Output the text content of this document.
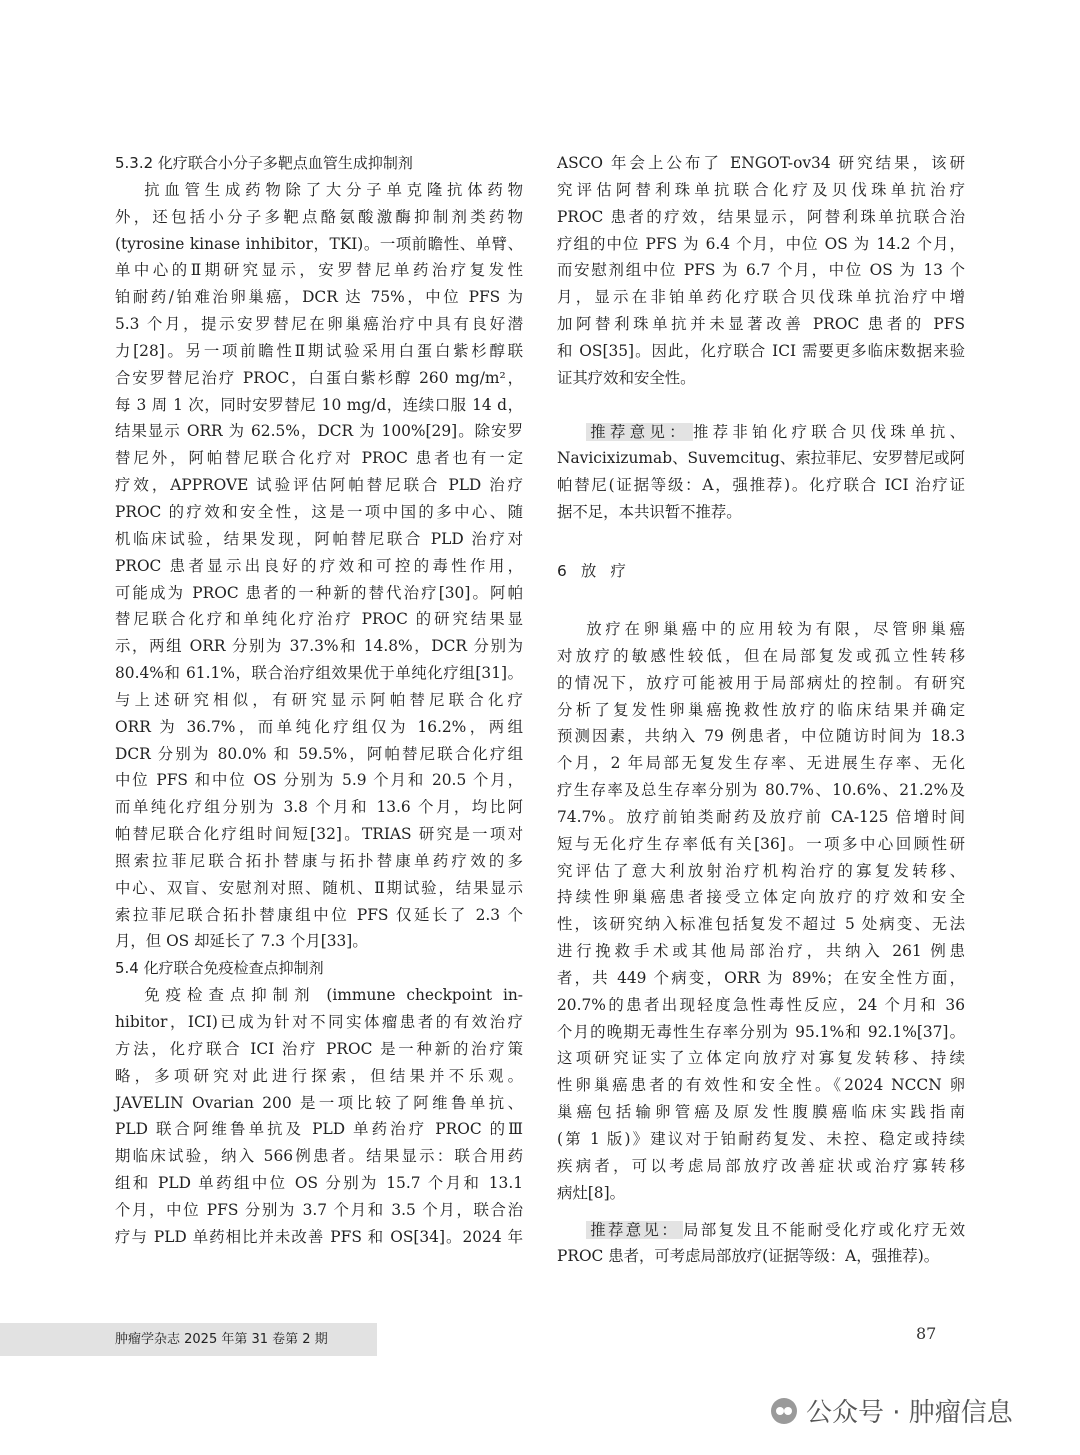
5.3.2 化疗联合小分子多靶点血管生成抑制剂
抗血管生成药物除了大分子单克隆抗体药物
外，还包括小分子多靶点酪氨酸激酶抑制剂类药物
(tyrosine kinase inhibitor，TKI)。一项前瞻性、单臂、
单中心的Ⅱ期研究显示，安罗替尼单药治疗复发性
铂耐药/铂难治卵巢癌，DCR 达 75%，中位 PFS 为
5.3 个月，提示安罗替尼在卵巢癌治疗中具有良好潜
力[28]。另一项前瞻性Ⅱ期试验采用白蛋白紫杉醇联
合安罗替尼治疗 PROC，白蛋白紫杉醇 260 mg/m²，
每 3 周 1 次，同时安罗替尼 10 mg/d，连续口服 14 d，
结果显示 ORR 为 62.5%，DCR 为 100%[29]。除安罗
替尼外，阿帕替尼联合化疗对 PROC 患者也有一定
疗效，APPROVE 试验评估阿帕替尼联合 PLD 治疗
PROC 的疗效和安全性，这是一项中国的多中心、随
机临床试验，结果发现，阿帕替尼联合 PLD 治疗对
PROC 患者显示出良好的疗效和可控的毒性作用，
可能成为 PROC 患者的一种新的替代治疗[30]。阿帕
替尼联合化疗和单纯化疗治疗 PROC 的研究结果显
示，两组 ORR 分别为 37.3%和 14.8%，DCR 分别为
80.4%和 61.1%，联合治疗组效果优于单纯化疗组[31]。
与上述研究相似，有研究显示阿帕替尼联合化疗
ORR 为 36.7%，而单纯化疗组仅为 16.2%，两组
DCR 分别为 80.0% 和 59.5%，阿帕替尼联合化疗组
中位 PFS 和中位 OS 分别为 5.9 个月和 20.5 个月，
而单纯化疗组分别为 3.8 个月和 13.6 个月，均比阿
帕替尼联合化疗组时间短[32]。TRIAS 研究是一项对
照索拉菲尼联合拓扑替康与拓扑替康单药疗效的多
中心、双盲、安慰剂对照、随机、Ⅱ期试验，结果显示
索拉菲尼联合拓扑替康组中位 PFS 仅延长了 2.3 个
月，但 OS 却延长了 7.3 个月[33]。
5.4 化疗联合免疫检查点抑制剂
免疫检查点抑制剂 (immune checkpoint in-
hibitor，ICI)已成为针对不同实体瘤患者的有效治疗
方法，化疗联合 ICI 治疗 PROC 是一种新的治疗策
略，多项研究对此进行探索，但结果并不乐观。
JAVELIN Ovarian 200 是一项比较了阿维鲁单抗、
PLD 联合阿维鲁单抗及 PLD 单药治疗 PROC 的Ⅲ
期临床试验，纳入 566例患者。结果显示：联合用药
组和 PLD 单药组中位 OS 分别为 15.7 个月和 13.1
个月，中位 PFS 分别为 3.7 个月和 3.5 个月，联合治
疗与 PLD 单药相比并未改善 PFS 和 OS[34]。2024 年
ASCO 年会上公布了 ENGOT-ov34 研究结果，该研
究评估阿替利珠单抗联合化疗及贝伐珠单抗治疗
PROC 患者的疗效，结果显示，阿替利珠单抗联合治
疗组的中位 PFS 为 6.4 个月，中位 OS 为 14.2 个月，
而安慰剂组中位 PFS 为 6.7 个月，中位 OS 为 13 个
月，显示在非铂单药化疗联合贝伐珠单抗治疗中增
加阿替利珠单抗并未显著改善 PROC 患者的 PFS
和 OS[35]。因此，化疗联合 ICI 需要更多临床数据来验
证其疗效和安全性。
推荐意见： 推荐非铂化疗联合贝伐珠单抗、
Navicixizumab、Suvemcitug、索拉菲尼、安罗替尼或阿
帕替尼(证据等级：A，强推荐)。化疗联合 ICI 治疗证
据不足，本共识暂不推荐。
6 放 疗
放疗在卵巢癌中的应用较为有限，尽管卵巢癌
对放疗的敏感性较低，但在局部复发或孤立性转移
的情况下，放疗可能被用于局部病灶的控制。有研究
分析了复发性卵巢癌挽救性放疗的临床结果并确定
预测因素，共纳入 79 例患者，中位随访时间为 18.3
个月，2 年局部无复发生存率、无进展生存率、无化
疗生存率及总生存率分别为 80.7%、10.6%、21.2%及
74.7%。放疗前铂类耐药及放疗前 CA-125 倍增时间
短与无化疗生存率低有关[36]。一项多中心回顾性研
究评估了意大利放射治疗机构治疗的寡复发转移、
持续性卵巢癌患者接受立体定向放疗的疗效和安全
性，该研究纳入标准包括复发不超过 5 处病变、无法
进行挽救手术或其他局部治疗，共纳入 261 例患
者，共 449 个病变，ORR 为 89%；在安全性方面，
20.7%的患者出现轻度急性毒性反应，24 个月和 36
个月的晚期无毒性生存率分别为 95.1%和 92.1%[37]。
这项研究证实了立体定向放疗对寡复发转移、持续
性卵巢癌患者的有效性和安全性。《2024 NCCN 卵
巢癌包括输卵管癌及原发性腹膜癌临床实践指南
(第 1 版)》建议对于铂耐药复发、未控、稳定或持续
疾病者，可以考虑局部放疗改善症状或治疗寡转移
病灶[8]。
推荐意见： 局部复发且不能耐受化疗或化疗无效
PROC 患者，可考虑局部放疗(证据等级：A，强推荐)。
肿瘤学杂志 2025 年第 31 卷第 2 期	87
公众号 · 肿瘤信息
